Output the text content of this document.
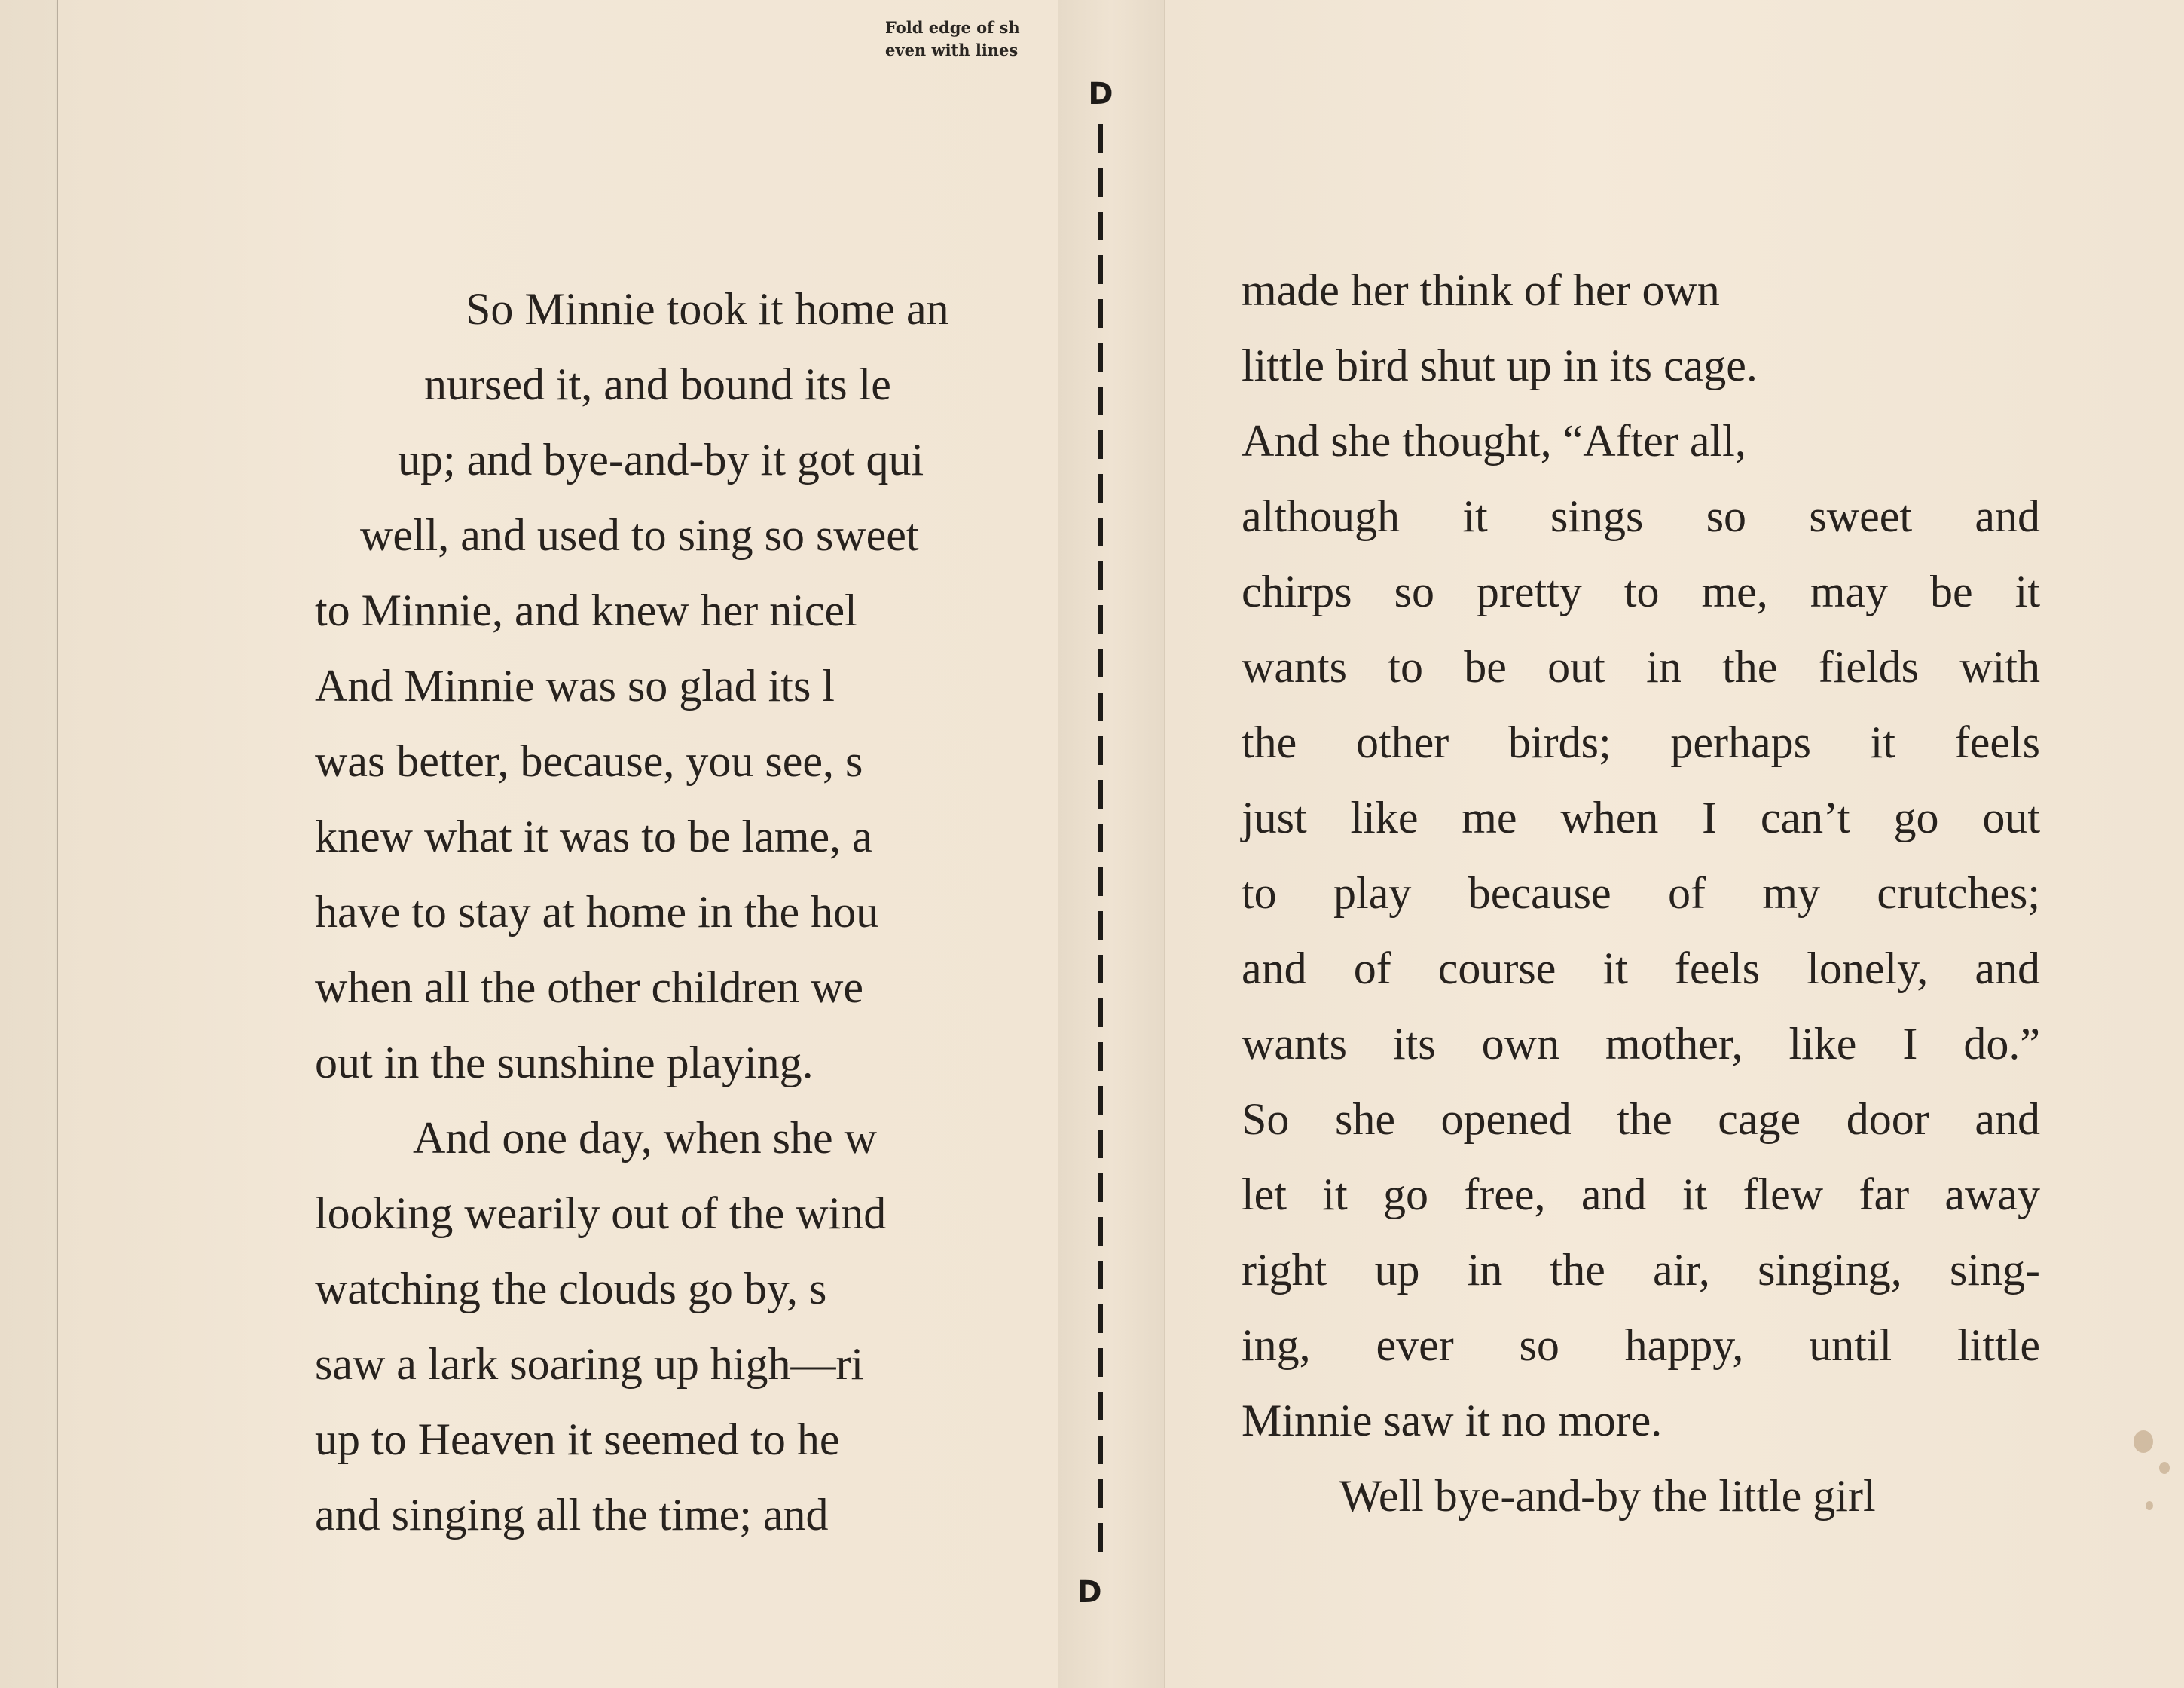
Fold edge of sh
even with lines
D
D
So Minnie took it home an
nursed it, and bound its le
up; and bye-and-by it got qui
well, and used to sing so sweet
to Minnie, and knew her nicel
And Minnie was so glad its l
was better, because, you see, s
knew what it was to be lame, a
have to stay at home in the hou
when all the other children we
out in the sunshine playing.
And one day, when she w
looking wearily out of the wind
watching the clouds go by, s
saw a lark soaring up high—ri
up to Heaven it seemed to he
and singing all the time; and
made her think of her own
little bird shut up in its cage.
And she thought, “After all,
although it sings so sweet and
chirps so pretty to me, may be it
wants to be out in the fields with
the other birds; perhaps it feels
just like me when I can’t go out
to play because of my crutches;
and of course it feels lonely, and
wants its own mother, like I do.”
So she opened the cage door and
let it go free, and it flew far away
right up in the air, singing, sing-
ing, ever so happy, until little
Minnie saw it no more.
Well bye-and-by the little girl
